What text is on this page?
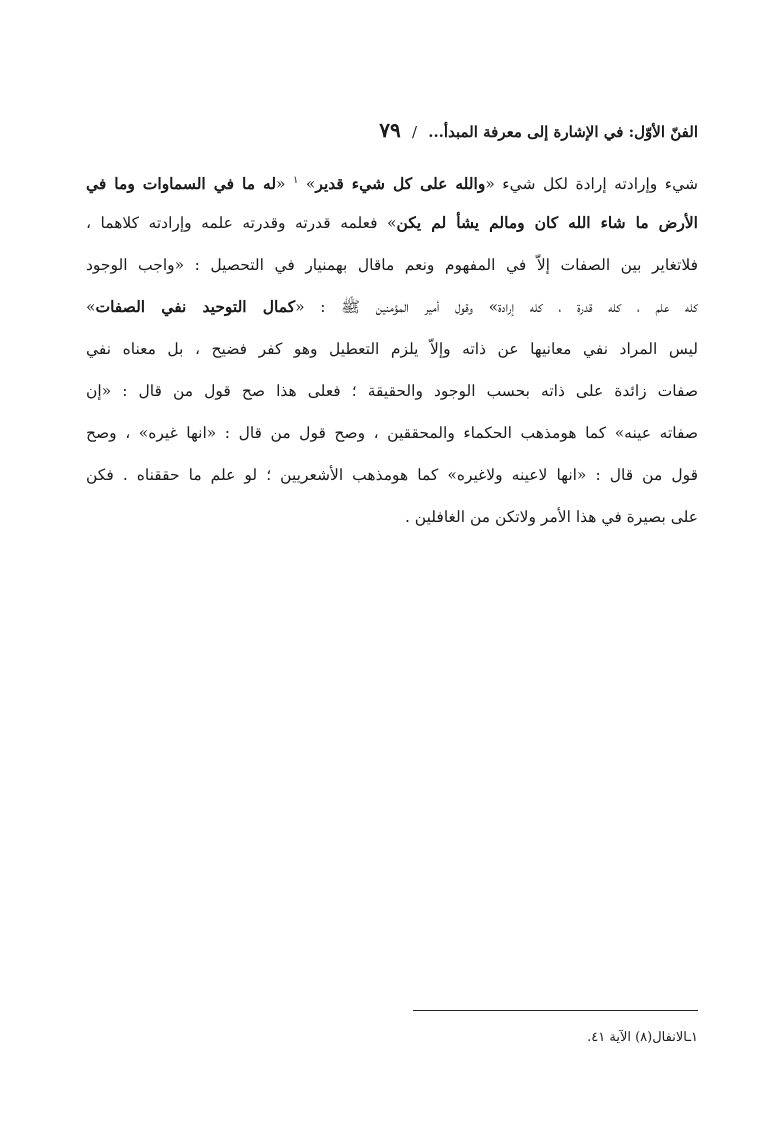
الفنّ الأوّل: في الإشارة إلى معرفة المبدأ... / ٧٩
شيء وإرادته إرادة لكل شيء «والله على كل شيء قدير» $^١$ «له ما في السماوات وما في
الأرض ما شاء الله كان ومالم يشأ لم يكن» فعلمه قدرته وقدرته علمه وإرادته كلاهما ،
فلاتغاير بين الصفات إلاّ في المفهوم ونعم ماقال بهمنيار في التحصيل : «واجب الوجود
كله علم ، كله قدرة ، كله إرادة» وقول أمير المؤمنين ﷺ : «كمال التوحيد نفي الصفات»
ليس المراد نفي معانيها عن ذاته وإلاّ يلزم التعطيل وهو كفر فضيح ، بل معناه نفي
صفات زائدة على ذاته بحسب الوجود والحقيقة ؛ فعلى هذا صح قول من قال : «إن
صفاته عينه» كما هومذهب الحكماء والمحققين ، وصح قول من قال : «انها غيره» ، وصح
قول من قال : «انها لاعينه ولاغيره» كما هومذهب الأشعريين ؛ لو علم ما حققناه . فكن
على بصيرة في هذا الأمر ولاتكن من الغافلين .
١ـالانفال(٨) الآية ٤١.
